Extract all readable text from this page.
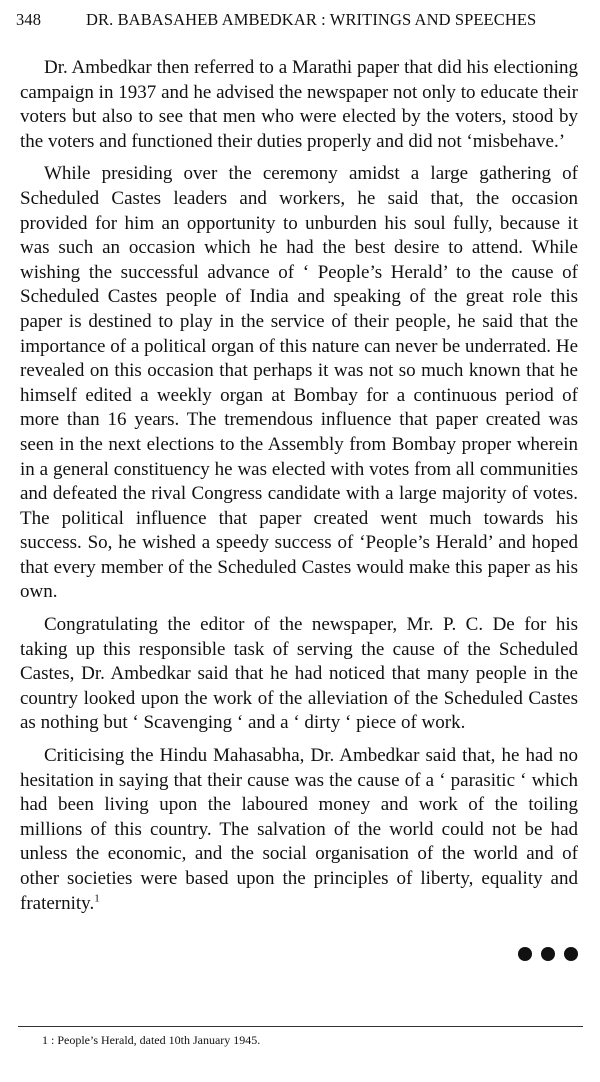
348	DR. BABASAHEB AMBEDKAR : WRITINGS AND SPEECHES

Dr. Ambedkar then referred to a Marathi paper that did his electioning campaign in 1937 and he advised the newspaper not only to educate their voters but also to see that men who were elected by the voters, stood by the voters and functioned their duties properly and did not ‘misbehave.’

While presiding over the ceremony amidst a large gathering of Scheduled Castes leaders and workers, he said that, the occasion provided for him an opportunity to unburden his soul fully, because it was such an occasion which he had the best desire to attend. While wishing the successful advance of ‘ People’s Herald’ to the cause of Scheduled Castes people of India and speaking of the great role this paper is destined to play in the service of their people, he said that the importance of a political organ of this nature can never be underrated. He revealed on this occasion that perhaps it was not so much known that he himself edited a weekly organ at Bombay for a continuous period of more than 16 years. The tremendous influence that paper created was seen in the next elections to the Assembly from Bombay proper wherein in a general constituency he was elected with votes from all communities and defeated the rival Congress candidate with a large majority of votes. The political influence that paper created went much towards his success. So, he wished a speedy success of ‘People’s Herald’ and hoped that every member of the Scheduled Castes would make this paper as his own.

Congratulating the editor of the newspaper, Mr. P. C. De for his taking up this responsible task of serving the cause of the Scheduled Castes, Dr. Ambedkar said that he had noticed that many people in the country looked upon the work of the alleviation of the Scheduled Castes as nothing but ‘ Scavenging ‘ and a ‘ dirty ‘ piece of work.

Criticising the Hindu Mahasabha, Dr. Ambedkar said that, he had no hesitation in saying that their cause was the cause of a ‘ parasitic ‘ which had been living upon the laboured money and work of the toiling millions of this country. The salvation of the world could not be had unless the economic, and the social organisation of the world and of other societies were based upon the principles of liberty, equality and fraternity.$^1$

1 : People’s Herald, dated 10th January 1945.
